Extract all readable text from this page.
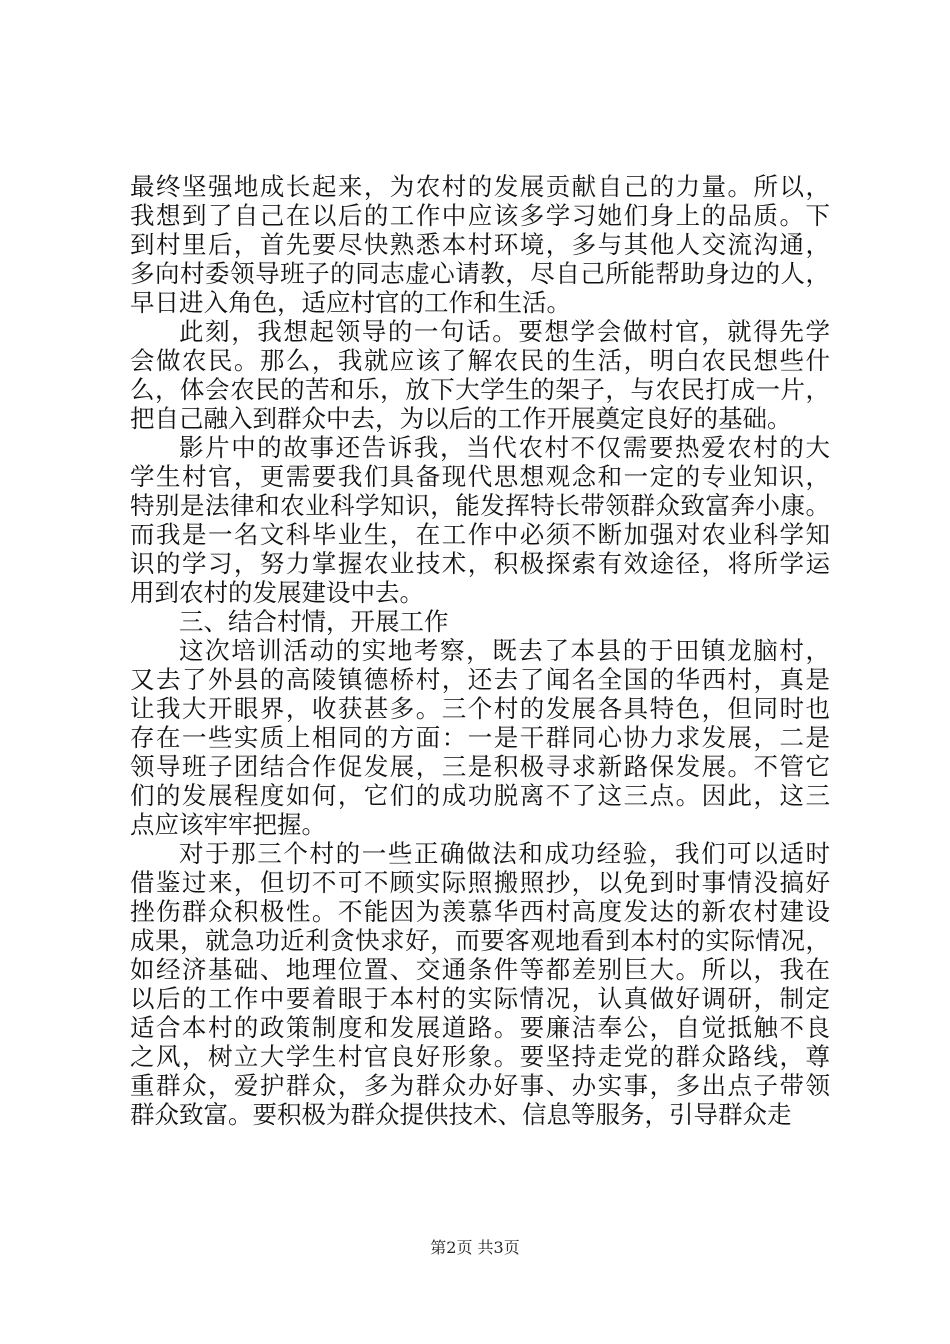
最终坚强地成长起来，为农村的发展贡献自己的力量。所以，
我想到了自己在以后的工作中应该多学习她们身上的品质。下
到村里后，首先要尽快熟悉本村环境，多与其他人交流沟通，
多向村委领导班子的同志虚心请教，尽自己所能帮助身边的人，
早日进入角色，适应村官的工作和生活。
此刻，我想起领导的一句话。要想学会做村官，就得先学
会做农民。那么，我就应该了解农民的生活，明白农民想些什
么，体会农民的苦和乐，放下大学生的架子，与农民打成一片，
把自己融入到群众中去，为以后的工作开展奠定良好的基础。
影片中的故事还告诉我，当代农村不仅需要热爱农村的大
学生村官，更需要我们具备现代思想观念和一定的专业知识，
特别是法律和农业科学知识，能发挥特长带领群众致富奔小康。
而我是一名文科毕业生，在工作中必须不断加强对农业科学知
识的学习，努力掌握农业技术，积极探索有效途径，将所学运
用到农村的发展建设中去。
三、结合村情，开展工作
这次培训活动的实地考察，既去了本县的于田镇龙脑村，
又去了外县的高陵镇德桥村，还去了闻名全国的华西村，真是
让我大开眼界，收获甚多。三个村的发展各具特色，但同时也
存在一些实质上相同的方面：一是干群同心协力求发展，二是
领导班子团结合作促发展，三是积极寻求新路保发展。不管它
们的发展程度如何，它们的成功脱离不了这三点。因此，这三
点应该牢牢把握。
对于那三个村的一些正确做法和成功经验，我们可以适时
借鉴过来，但切不可不顾实际照搬照抄，以免到时事情没搞好
挫伤群众积极性。不能因为羡慕华西村高度发达的新农村建设
成果，就急功近利贪快求好，而要客观地看到本村的实际情况，
如经济基础、地理位置、交通条件等都差别巨大。所以，我在
以后的工作中要着眼于本村的实际情况，认真做好调研，制定
适合本村的政策制度和发展道路。要廉洁奉公，自觉抵触不良
之风，树立大学生村官良好形象。要坚持走党的群众路线，尊
重群众，爱护群众，多为群众办好事、办实事，多出点子带领
群众致富。要积极为群众提供技术、信息等服务，引导群众走
第2页 共3页
